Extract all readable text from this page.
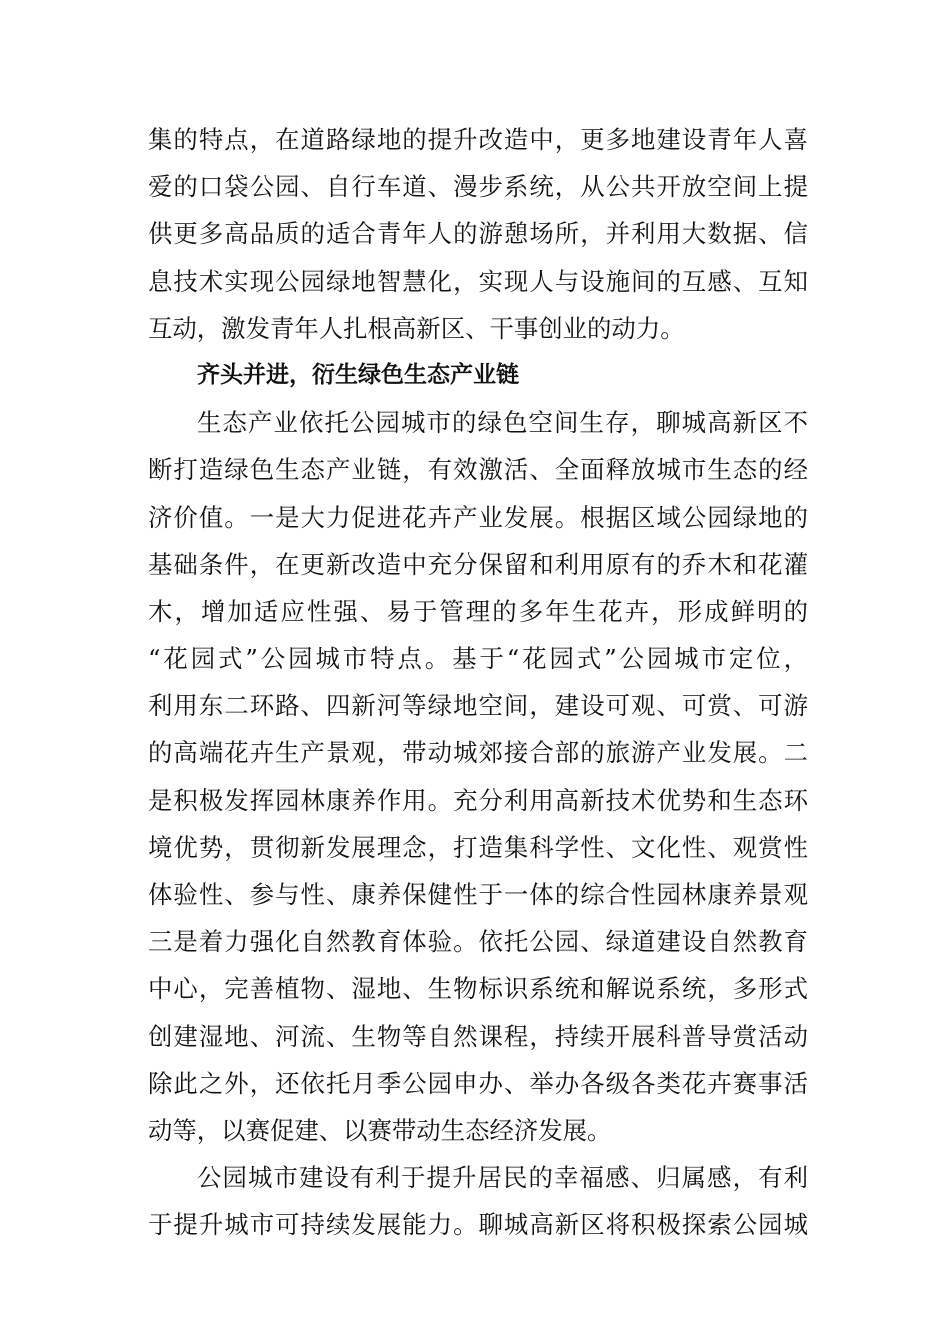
集的特点，在道路绿地的提升改造中，更多地建设青年人喜
爱的口袋公园、自行车道、漫步系统，从公共开放空间上提
供更多高品质的适合青年人的游憩场所，并利用大数据、信
息技术实现公园绿地智慧化，实现人与设施间的互感、互知
互动，激发青年人扎根高新区、干事创业的动力。
齐头并进，衍生绿色生态产业链
生态产业依托公园城市的绿色空间生存，聊城高新区不
断打造绿色生态产业链，有效激活、全面释放城市生态的经
济价值。一是大力促进花卉产业发展。根据区域公园绿地的
基础条件，在更新改造中充分保留和利用原有的乔木和花灌
木，增加适应性强、易于管理的多年生花卉，形成鲜明的
“花园式”公园城市特点。基于“花园式”公园城市定位，
利用东二环路、四新河等绿地空间，建设可观、可赏、可游
的高端花卉生产景观，带动城郊接合部的旅游产业发展。二
是积极发挥园林康养作用。充分利用高新技术优势和生态环
境优势，贯彻新发展理念，打造集科学性、文化性、观赏性
体验性、参与性、康养保健性于一体的综合性园林康养景观
三是着力强化自然教育体验。依托公园、绿道建设自然教育
中心，完善植物、湿地、生物标识系统和解说系统，多形式
创建湿地、河流、生物等自然课程，持续开展科普导赏活动
除此之外，还依托月季公园申办、举办各级各类花卉赛事活
动等，以赛促建、以赛带动生态经济发展。
公园城市建设有利于提升居民的幸福感、归属感，有利
于提升城市可持续发展能力。聊城高新区将积极探索公园城
